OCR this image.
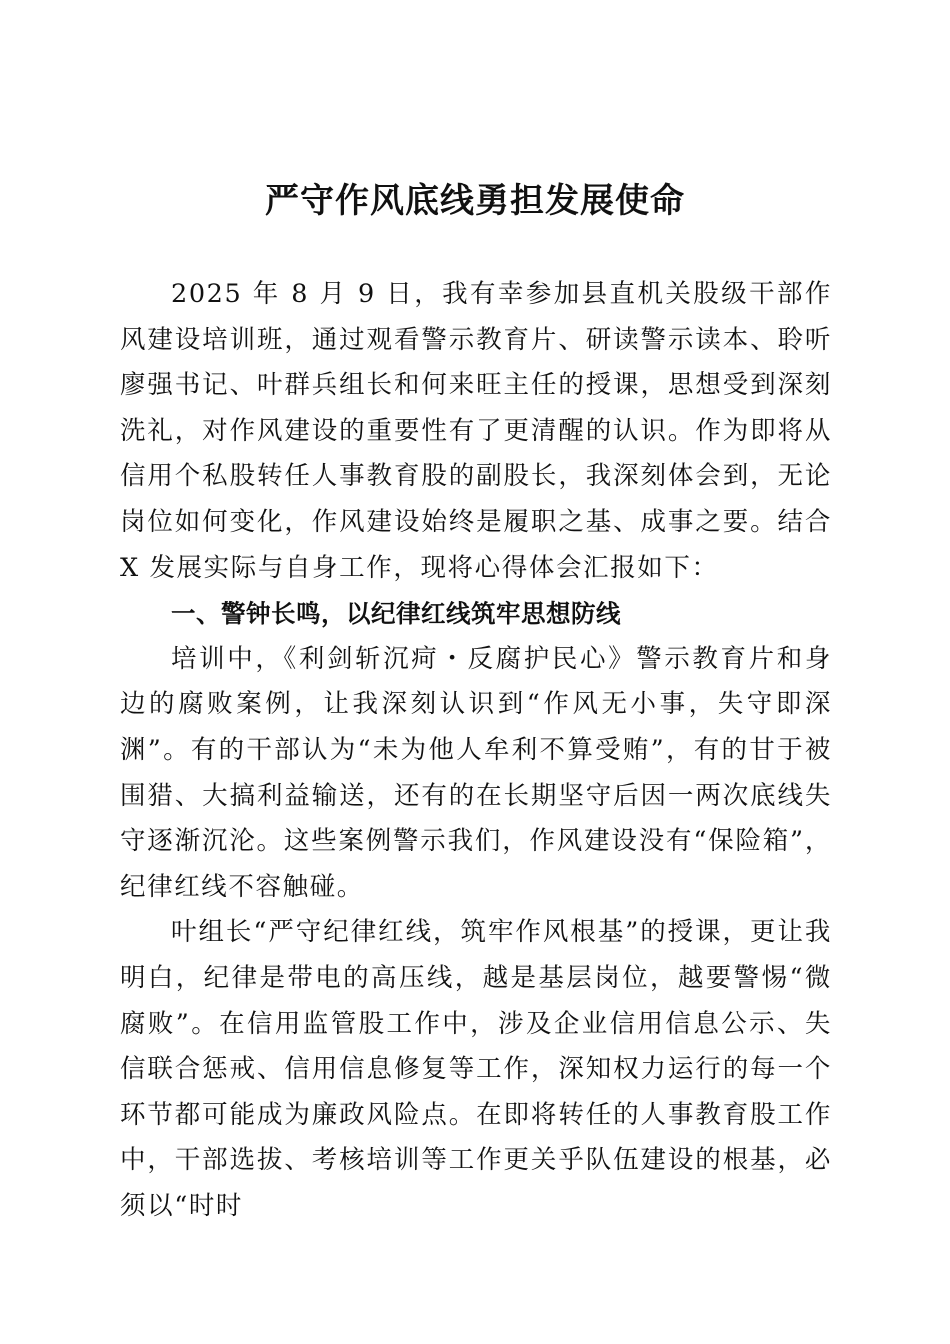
严守作风底线勇担发展使命

2025 年 8 月 9 日，我有幸参加县直机关股级干部作风建设培训班，通过观看警示教育片、研读警示读本、聆听廖强书记、叶群兵组长和何来旺主任的授课，思想受到深刻洗礼，对作风建设的重要性有了更清醒的认识。作为即将从信用个私股转任人事教育股的副股长，我深刻体会到，无论岗位如何变化，作风建设始终是履职之基、成事之要。结合 X 发展实际与自身工作，现将心得体会汇报如下：

一、警钟长鸣，以纪律红线筑牢思想防线

培训中，《利剑斩沉疴・反腐护民心》警示教育片和身边的腐败案例，让我深刻认识到“作风无小事，失守即深渊”。有的干部认为“未为他人牟利不算受贿”，有的甘于被围猎、大搞利益输送，还有的在长期坚守后因一两次底线失守逐渐沉沦。这些案例警示我们，作风建设没有“保险箱”，纪律红线不容触碰。

叶组长“严守纪律红线，筑牢作风根基”的授课，更让我明白，纪律是带电的高压线，越是基层岗位，越要警惕“微腐败”。在信用监管股工作中，涉及企业信用信息公示、失信联合惩戒、信用信息修复等工作，深知权力运行的每一个环节都可能成为廉政风险点。在即将转任的人事教育股工作中，干部选拔、考核培训等工作更关乎队伍建设的根基，必须以“时时
